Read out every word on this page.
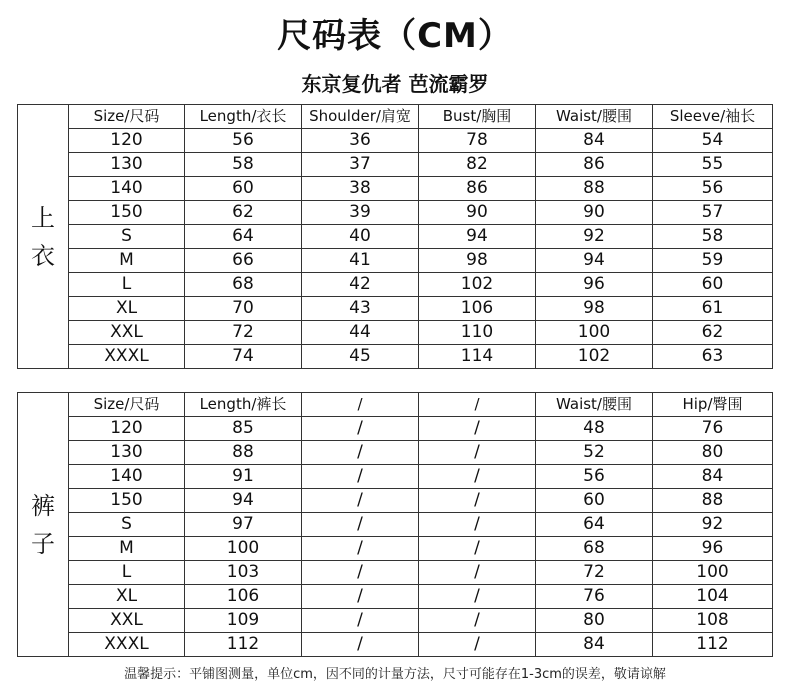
尺码表（CM）
东京复仇者 芭流霸罗
上
衣	Size/尺码	Length/衣长	Shoulder/肩宽	Bust/胸围	Waist/腰围	Sleeve/袖长
	120	56	36	78	84	54
	130	58	37	82	86	55
	140	60	38	86	88	56
	150	62	39	90	90	57
	S	64	40	94	92	58
	M	66	41	98	94	59
	L	68	42	102	96	60
	XL	70	43	106	98	61
	XXL	72	44	110	100	62
	XXXL	74	45	114	102	63
裤
子	Size/尺码	Length/裤长	/	/	Waist/腰围	Hip/臀围
	120	85	/	/	48	76
	130	88	/	/	52	80
	140	91	/	/	56	84
	150	94	/	/	60	88
	S	97	/	/	64	92
	M	100	/	/	68	96
	L	103	/	/	72	100
	XL	106	/	/	76	104
	XXL	109	/	/	80	108
	XXXL	112	/	/	84	112
温馨提示：平铺图测量，单位cm，因不同的计量方法，尺寸可能存在1-3cm的误差，敬请谅解
